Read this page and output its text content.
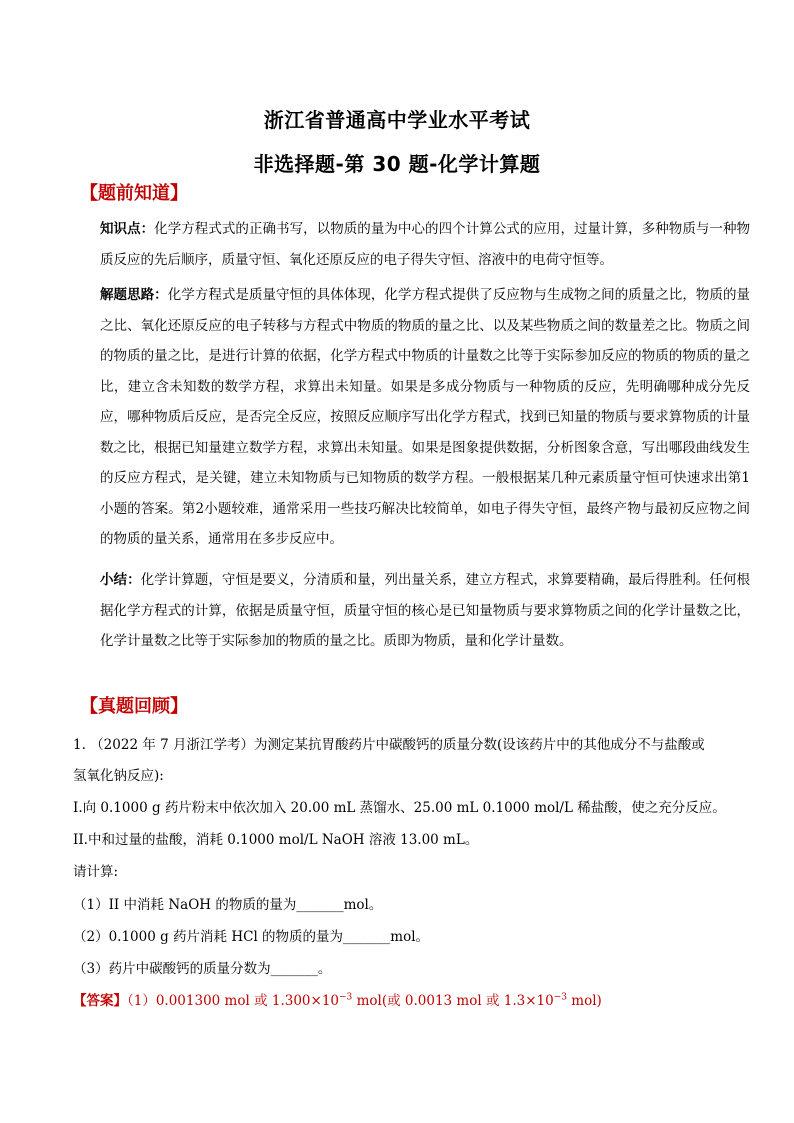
浙江省普通高中学业水平考试
非选择题-第 30 题-化学计算题
【题前知道】
知识点：化学方程式式的正确书写，以物质的量为中心的四个计算公式的应用，过量计算，多种物质与一种物质反应的先后顺序，质量守恒、氧化还原反应的电子得失守恒、溶液中的电荷守恒等。
解题思路：化学方程式是质量守恒的具体体现，化学方程式提供了反应物与生成物之间的质量之比，物质的量之比、氧化还原反应的电子转移与方程式中物质的物质的量之比、以及某些物质之间的数量差之比。物质之间的物质的量之比，是进行计算的依据，化学方程式中物质的计量数之比等于实际参加反应的物质的物质的量之比，建立含未知数的数学方程，求算出未知量。如果是多成分物质与一种物质的反应，先明确哪种成分先反应，哪种物质后反应，是否完全反应，按照反应顺序写出化学方程式，找到已知量的物质与要求算物质的计量数之比，根据已知量建立数学方程，求算出未知量。如果是图象提供数据，分析图象含意，写出哪段曲线发生的反应方程式，是关键，建立未知物质与已知物质的数学方程。一般根据某几种元素质量守恒可快速求出第1小题的答案。第2小题较难，通常采用一些技巧解决比较简单，如电子得失守恒，最终产物与最初反应物之间的物质的量关系，通常用在多步反应中。
小结：化学计算题，守恒是要义，分清质和量，列出量关系，建立方程式，求算要精确，最后得胜利。任何根据化学方程式的计算，依据是质量守恒，质量守恒的核心是已知量物质与要求算物质之间的化学计量数之比，化学计量数之比等于实际参加的物质的量之比。质即为物质，量和化学计量数。
【真题回顾】
1. （2022 年 7 月浙江学考）为测定某抗胃酸药片中碳酸钙的质量分数(设该药片中的其他成分不与盐酸或
氢氧化钠反应):
I.向 0.1000 g 药片粉末中依次加入 20.00 mL 蒸馏水、25.00 mL 0.1000 mol/L 稀盐酸，使之充分反应。
II.中和过量的盐酸，消耗 0.1000 mol/L NaOH 溶液 13.00 mL。
请计算:
（1）II 中消耗 NaOH 的物质的量为_______mol。
（2）0.1000 g 药片消耗 HCl 的物质的量为_______mol。
（3）药片中碳酸钙的质量分数为_______。
【答案】（1）0.001300 mol 或 $1.300\times 10^{-3}$ mol(或 0.0013 mol 或 $1.3\times 10^{-3}$ mol)
